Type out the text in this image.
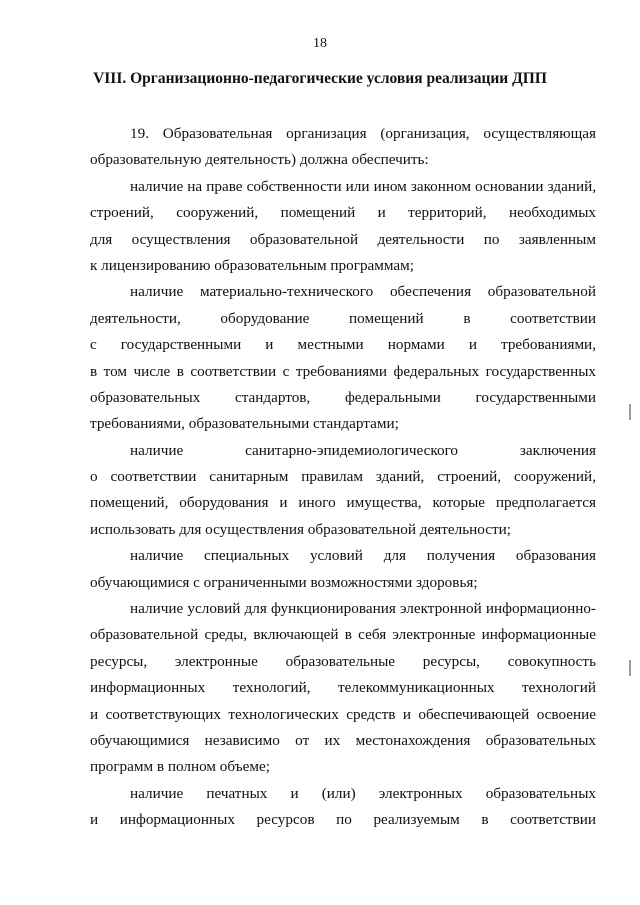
18
VIII. Организационно-педагогические условия реализации ДПП
19. Образовательная организация (организация, осуществляющая
образовательную деятельность) должна обеспечить:
наличие на праве собственности или ином законном основании зданий,
строений, сооружений, помещений и территорий, необходимых
для осуществления образовательной деятельности по заявленным
к лицензированию образовательным программам;
наличие материально-технического обеспечения образовательной
деятельности, оборудование помещений в соответствии
с государственными и местными нормами и требованиями,
в том числе в соответствии с требованиями федеральных государственных
образовательных стандартов, федеральными государственными
требованиями, образовательными стандартами;
наличие санитарно-эпидемиологического заключения
о соответствии санитарным правилам зданий, строений, сооружений,
помещений, оборудования и иного имущества, которые предполагается
использовать для осуществления образовательной деятельности;
наличие специальных условий для получения образования
обучающимися с ограниченными возможностями здоровья;
наличие условий для функционирования электронной информационно-
образовательной среды, включающей в себя электронные информационные
ресурсы, электронные образовательные ресурсы, совокупность
информационных технологий, телекоммуникационных технологий
и соответствующих технологических средств и обеспечивающей освоение
обучающимися независимо от их местонахождения образовательных
программ в полном объеме;
наличие печатных и (или) электронных образовательных
и информационных ресурсов по реализуемым в соответствии
